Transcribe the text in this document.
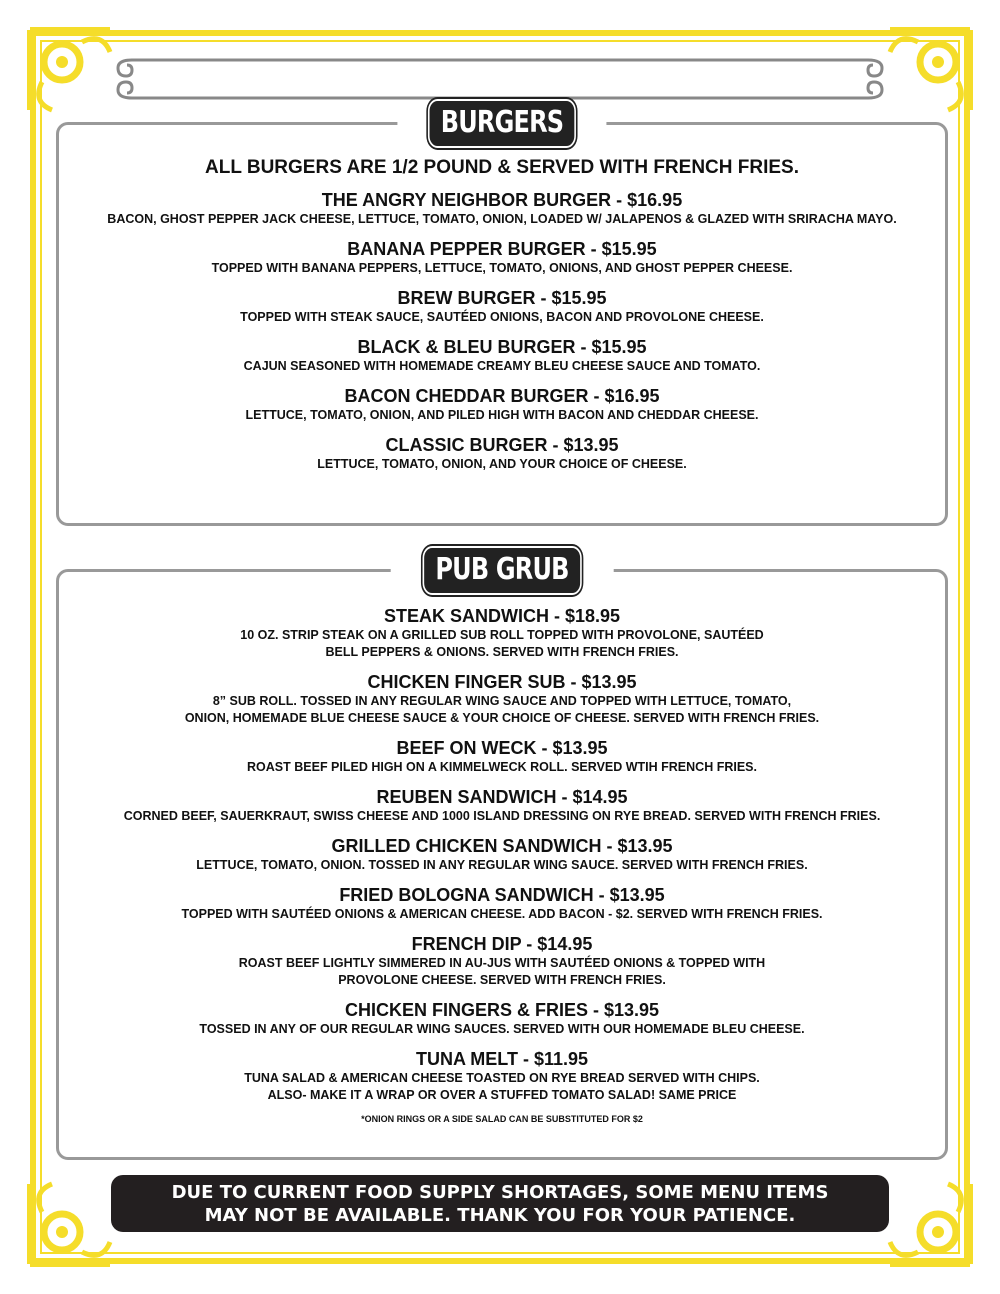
BURGERS
ALL BURGERS ARE 1/2 POUND & SERVED WITH FRENCH FRIES.
THE ANGRY NEIGHBOR BURGER - $16.95
BACON, GHOST PEPPER JACK CHEESE, LETTUCE, TOMATO, ONION, LOADED W/ JALAPENOS & GLAZED WITH SRIRACHA MAYO.
BANANA PEPPER BURGER - $15.95
TOPPED WITH BANANA PEPPERS, LETTUCE, TOMATO, ONIONS, AND GHOST PEPPER CHEESE.
BREW BURGER - $15.95
TOPPED WITH STEAK SAUCE, SAUTÉED ONIONS, BACON AND PROVOLONE CHEESE.
BLACK & BLEU BURGER - $15.95
CAJUN SEASONED WITH HOMEMADE CREAMY BLEU CHEESE SAUCE AND TOMATO.
BACON CHEDDAR BURGER - $16.95
LETTUCE, TOMATO, ONION, AND PILED HIGH WITH BACON AND CHEDDAR CHEESE.
CLASSIC BURGER - $13.95
LETTUCE, TOMATO, ONION, AND YOUR CHOICE OF CHEESE.
PUB GRUB
STEAK SANDWICH - $18.95
10 OZ. STRIP STEAK ON A GRILLED SUB ROLL TOPPED WITH PROVOLONE, SAUTÉED
BELL PEPPERS & ONIONS. SERVED WITH FRENCH FRIES.
CHICKEN FINGER SUB - $13.95
8” SUB ROLL. TOSSED IN ANY REGULAR WING SAUCE AND TOPPED WITH LETTUCE, TOMATO,
ONION, HOMEMADE BLUE CHEESE SAUCE & YOUR CHOICE OF CHEESE. SERVED WITH FRENCH FRIES.
BEEF ON WECK - $13.95
ROAST BEEF PILED HIGH ON A KIMMELWECK ROLL. SERVED WTIH FRENCH FRIES.
REUBEN SANDWICH - $14.95
CORNED BEEF, SAUERKRAUT, SWISS CHEESE AND 1000 ISLAND DRESSING ON RYE BREAD. SERVED WITH FRENCH FRIES.
GRILLED CHICKEN SANDWICH - $13.95
LETTUCE, TOMATO, ONION. TOSSED IN ANY REGULAR WING SAUCE. SERVED WITH FRENCH FRIES.
FRIED BOLOGNA SANDWICH - $13.95
TOPPED WITH SAUTÉED ONIONS & AMERICAN CHEESE. ADD BACON - $2. SERVED WITH FRENCH FRIES.
FRENCH DIP - $14.95
ROAST BEEF LIGHTLY SIMMERED IN AU-JUS WITH SAUTÉED ONIONS & TOPPED WITH
PROVOLONE CHEESE. SERVED WITH FRENCH FRIES.
CHICKEN FINGERS & FRIES - $13.95
TOSSED IN ANY OF OUR REGULAR WING SAUCES. SERVED WITH OUR HOMEMADE BLEU CHEESE.
TUNA MELT - $11.95
TUNA SALAD & AMERICAN CHEESE TOASTED ON RYE BREAD SERVED WITH CHIPS.
ALSO- MAKE IT A WRAP OR OVER A STUFFED TOMATO SALAD! SAME PRICE
*ONION RINGS OR A SIDE SALAD CAN BE SUBSTITUTED FOR $2
DUE TO CURRENT FOOD SUPPLY SHORTAGES, SOME MENU ITEMS
MAY NOT BE AVAILABLE. THANK YOU FOR YOUR PATIENCE.
